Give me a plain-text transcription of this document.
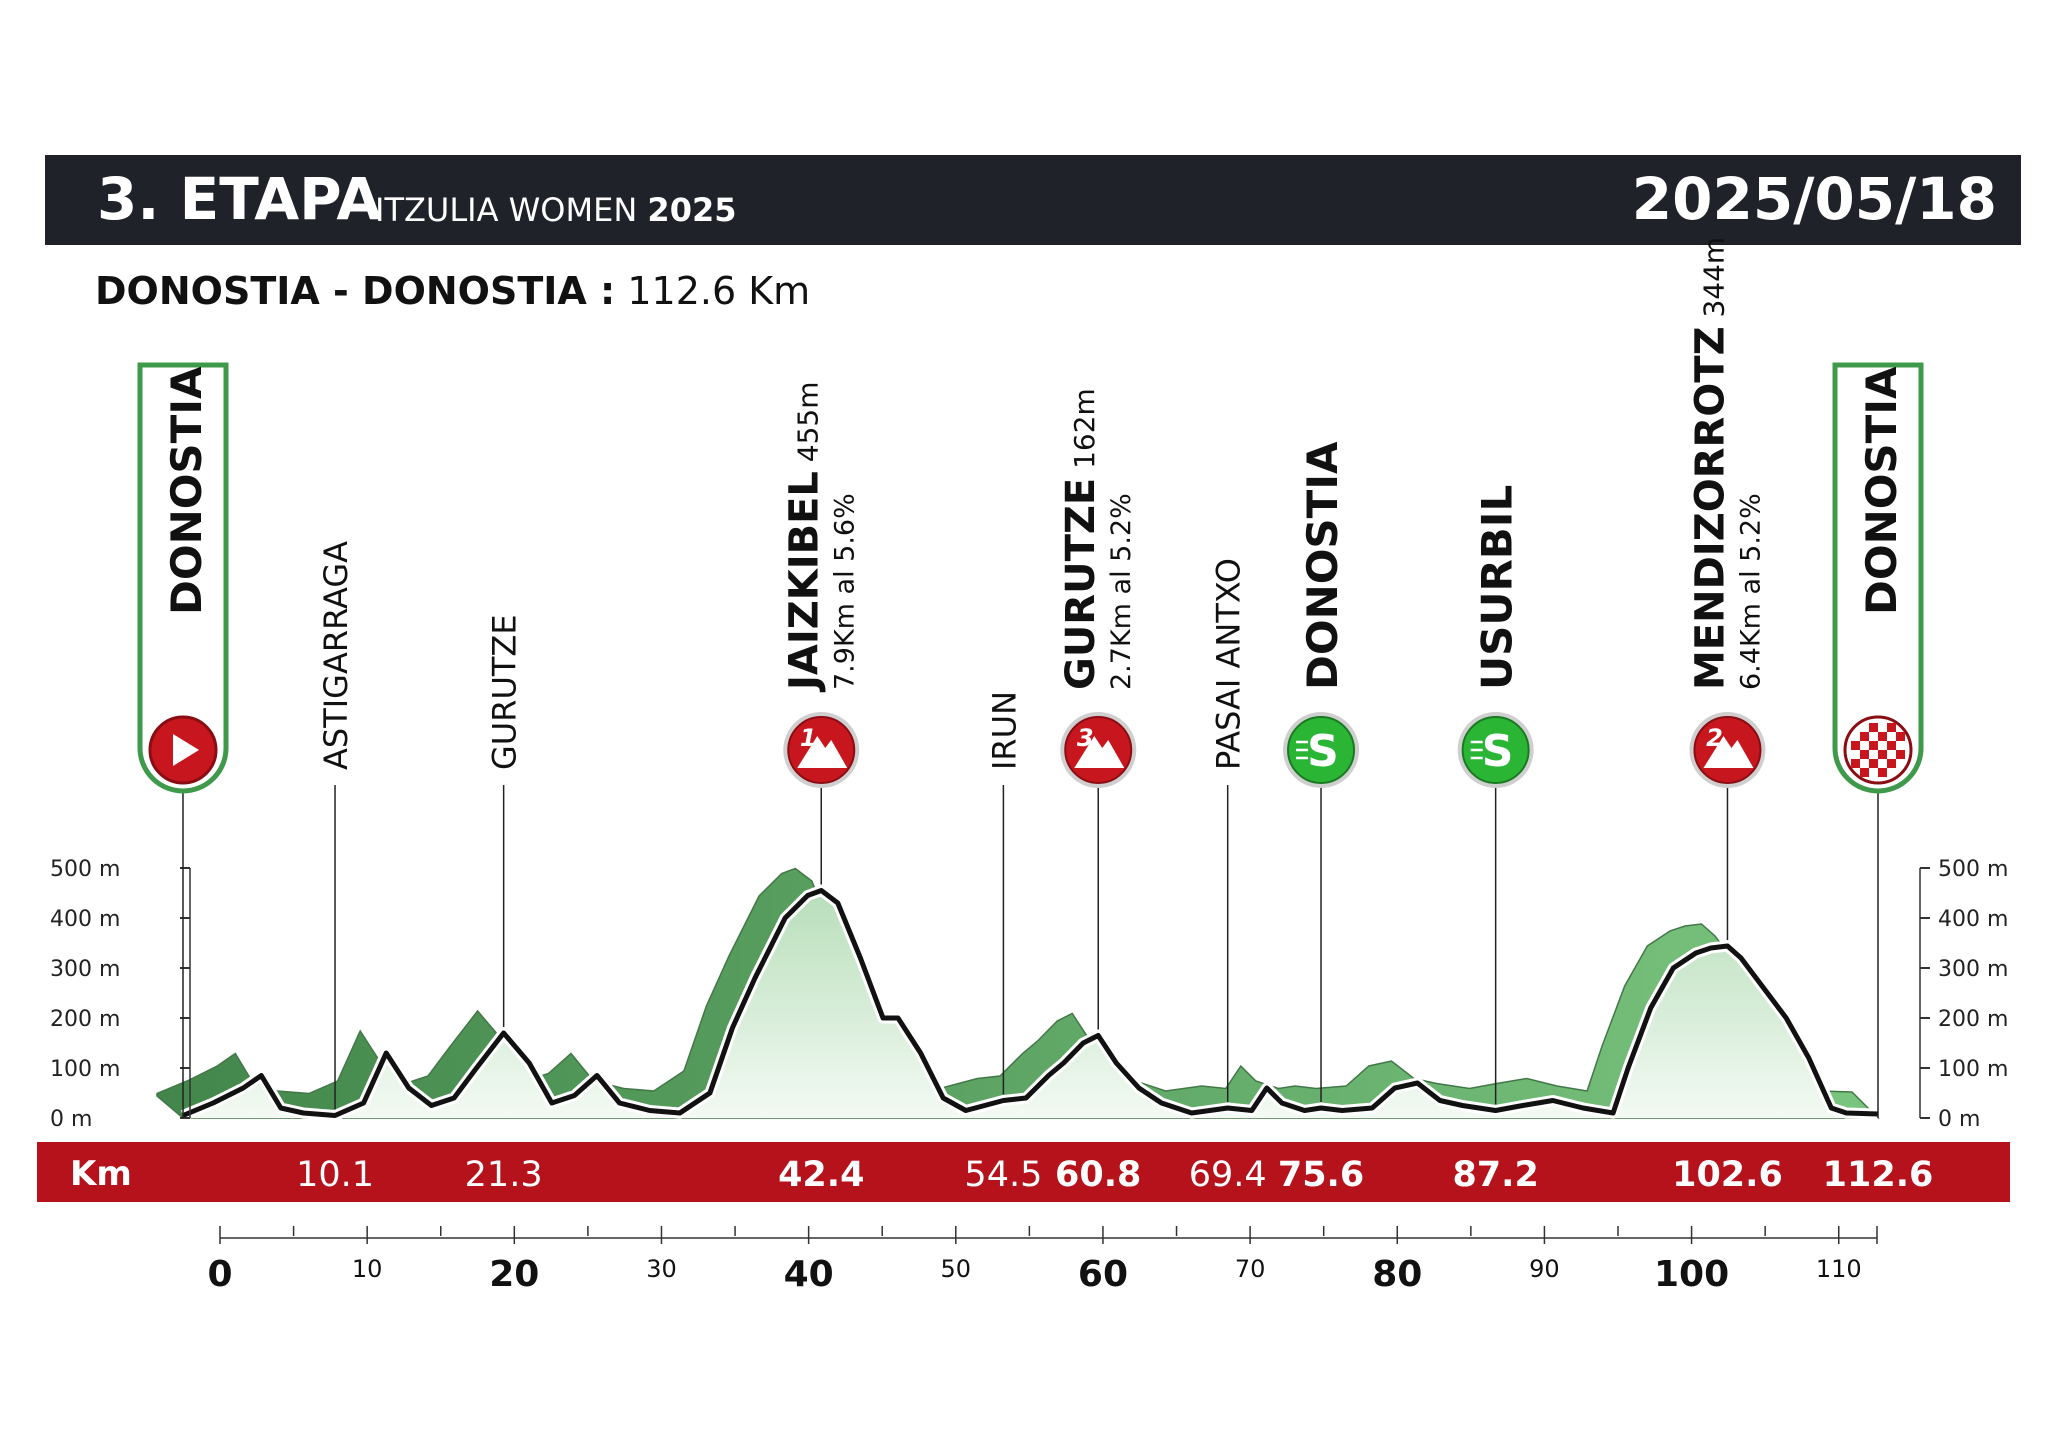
3. ETAPA
ITZULIA WOMEN 2025	2025/05/18
DONOSTIA - DONOSTIA : 112.6 Km
500 m	500 m
400 m	400 m
300 m	300 m
200 m	200 m
100 m	100 m
0 m	0 m
DONOSTIA
ASTIGARRAGA	GURUTZE	1
JAIZKIBEL 455m
7.9Km al 5.6%
IRUN 3
GURUTZE 162m
2.7Km al 5.2% PASAI ANTXO S
DONOSTIA
S
USURBIL
2
MENDIZORROTZ 344m
6.4Km al 5.2% DONOSTIA
Km	10.1	21.3	42.4	54.5 60.8 69.4 75.6	87.2	102.6 112.6
0	10	20	30	40	50	60	70	80	90	100	110
